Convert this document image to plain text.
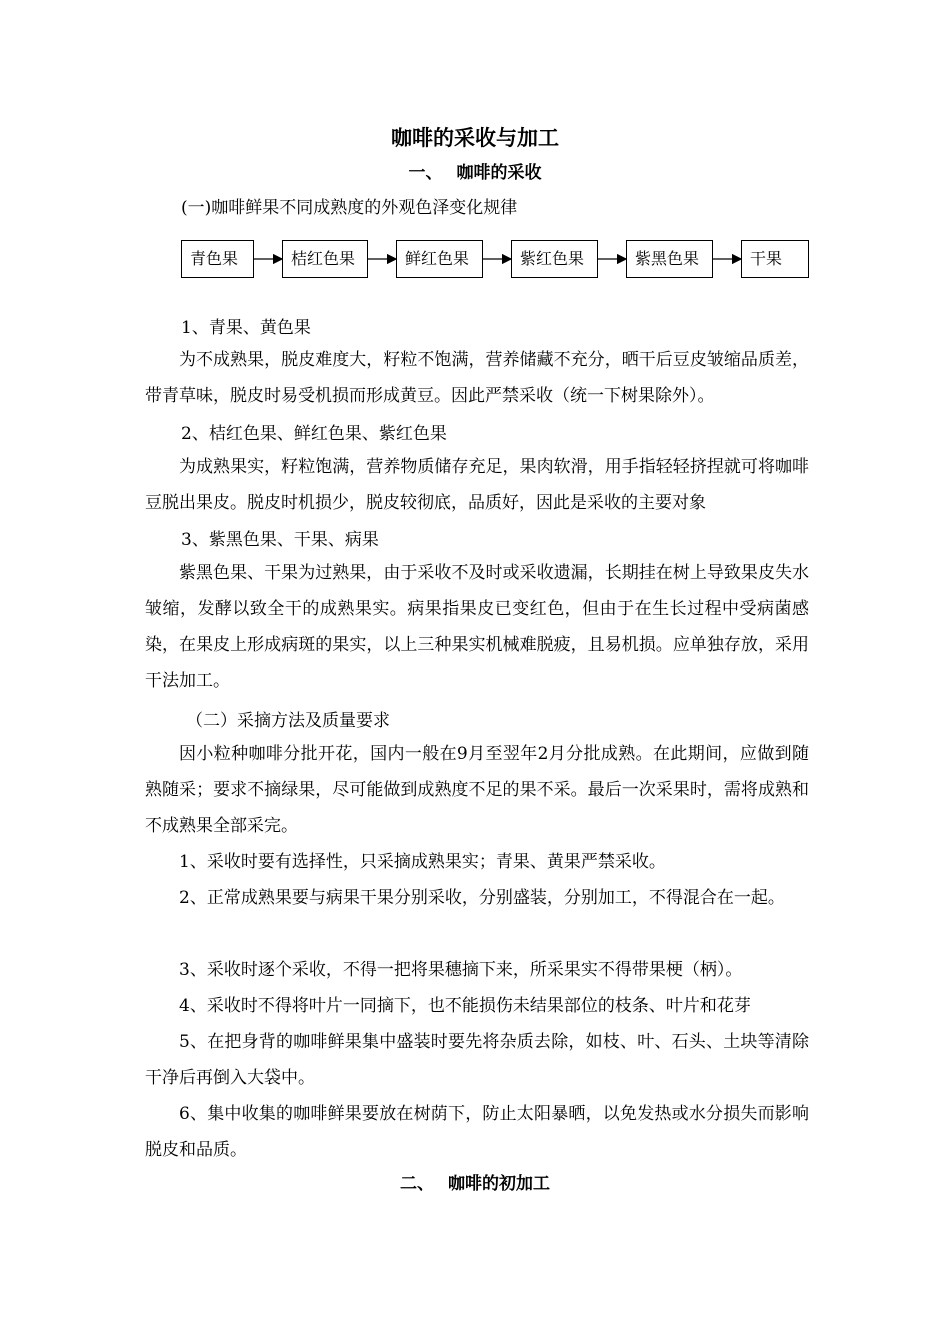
咖啡的采收与加工
一、 咖啡的采收
(一)咖啡鲜果不同成熟度的外观色泽变化规律
青色果	桔红色果	鲜红色果	紫红色果	紫黑色果	干果
1、青果、黄色果
为不成熟果，脱皮难度大，籽粒不饱满，营养储藏不充分，晒干后豆皮皱缩品质差，带青草味，脱皮时易受机损而形成黄豆。因此严禁采收（统一下树果除外）。
2、桔红色果、鲜红色果、紫红色果
为成熟果实，籽粒饱满，营养物质储存充足，果肉软滑，用手指轻轻挤捏就可将咖啡豆脱出果皮。脱皮时机损少，脱皮较彻底，品质好，因此是采收的主要对象
3、紫黑色果、干果、病果
紫黑色果、干果为过熟果，由于采收不及时或采收遗漏，长期挂在树上导致果皮失水皱缩，发酵以致全干的成熟果实。病果指果皮已变红色，但由于在生长过程中受病菌感染，在果皮上形成病斑的果实，以上三种果实机械难脱疲，且易机损。应单独存放，采用干法加工。
（二）采摘方法及质量要求
因小粒种咖啡分批开花，国内一般在9月至翌年2月分批成熟。在此期间，应做到随熟随采；要求不摘绿果，尽可能做到成熟度不足的果不采。最后一次采果时，需将成熟和不成熟果全部采完。
1、采收时要有选择性，只采摘成熟果实；青果、黄果严禁采收。
2、正常成熟果要与病果干果分别采收，分别盛装，分别加工，不得混合在一起。
3、采收时逐个采收，不得一把将果穗摘下来，所采果实不得带果梗（柄）。
4、采收时不得将叶片一同摘下，也不能损伤未结果部位的枝条、叶片和花芽
5、在把身背的咖啡鲜果集中盛装时要先将杂质去除，如枝、叶、石头、土块等清除干净后再倒入大袋中。
6、集中收集的咖啡鲜果要放在树荫下，防止太阳暴晒，以免发热或水分损失而影响脱皮和品质。
二、 咖啡的初加工
